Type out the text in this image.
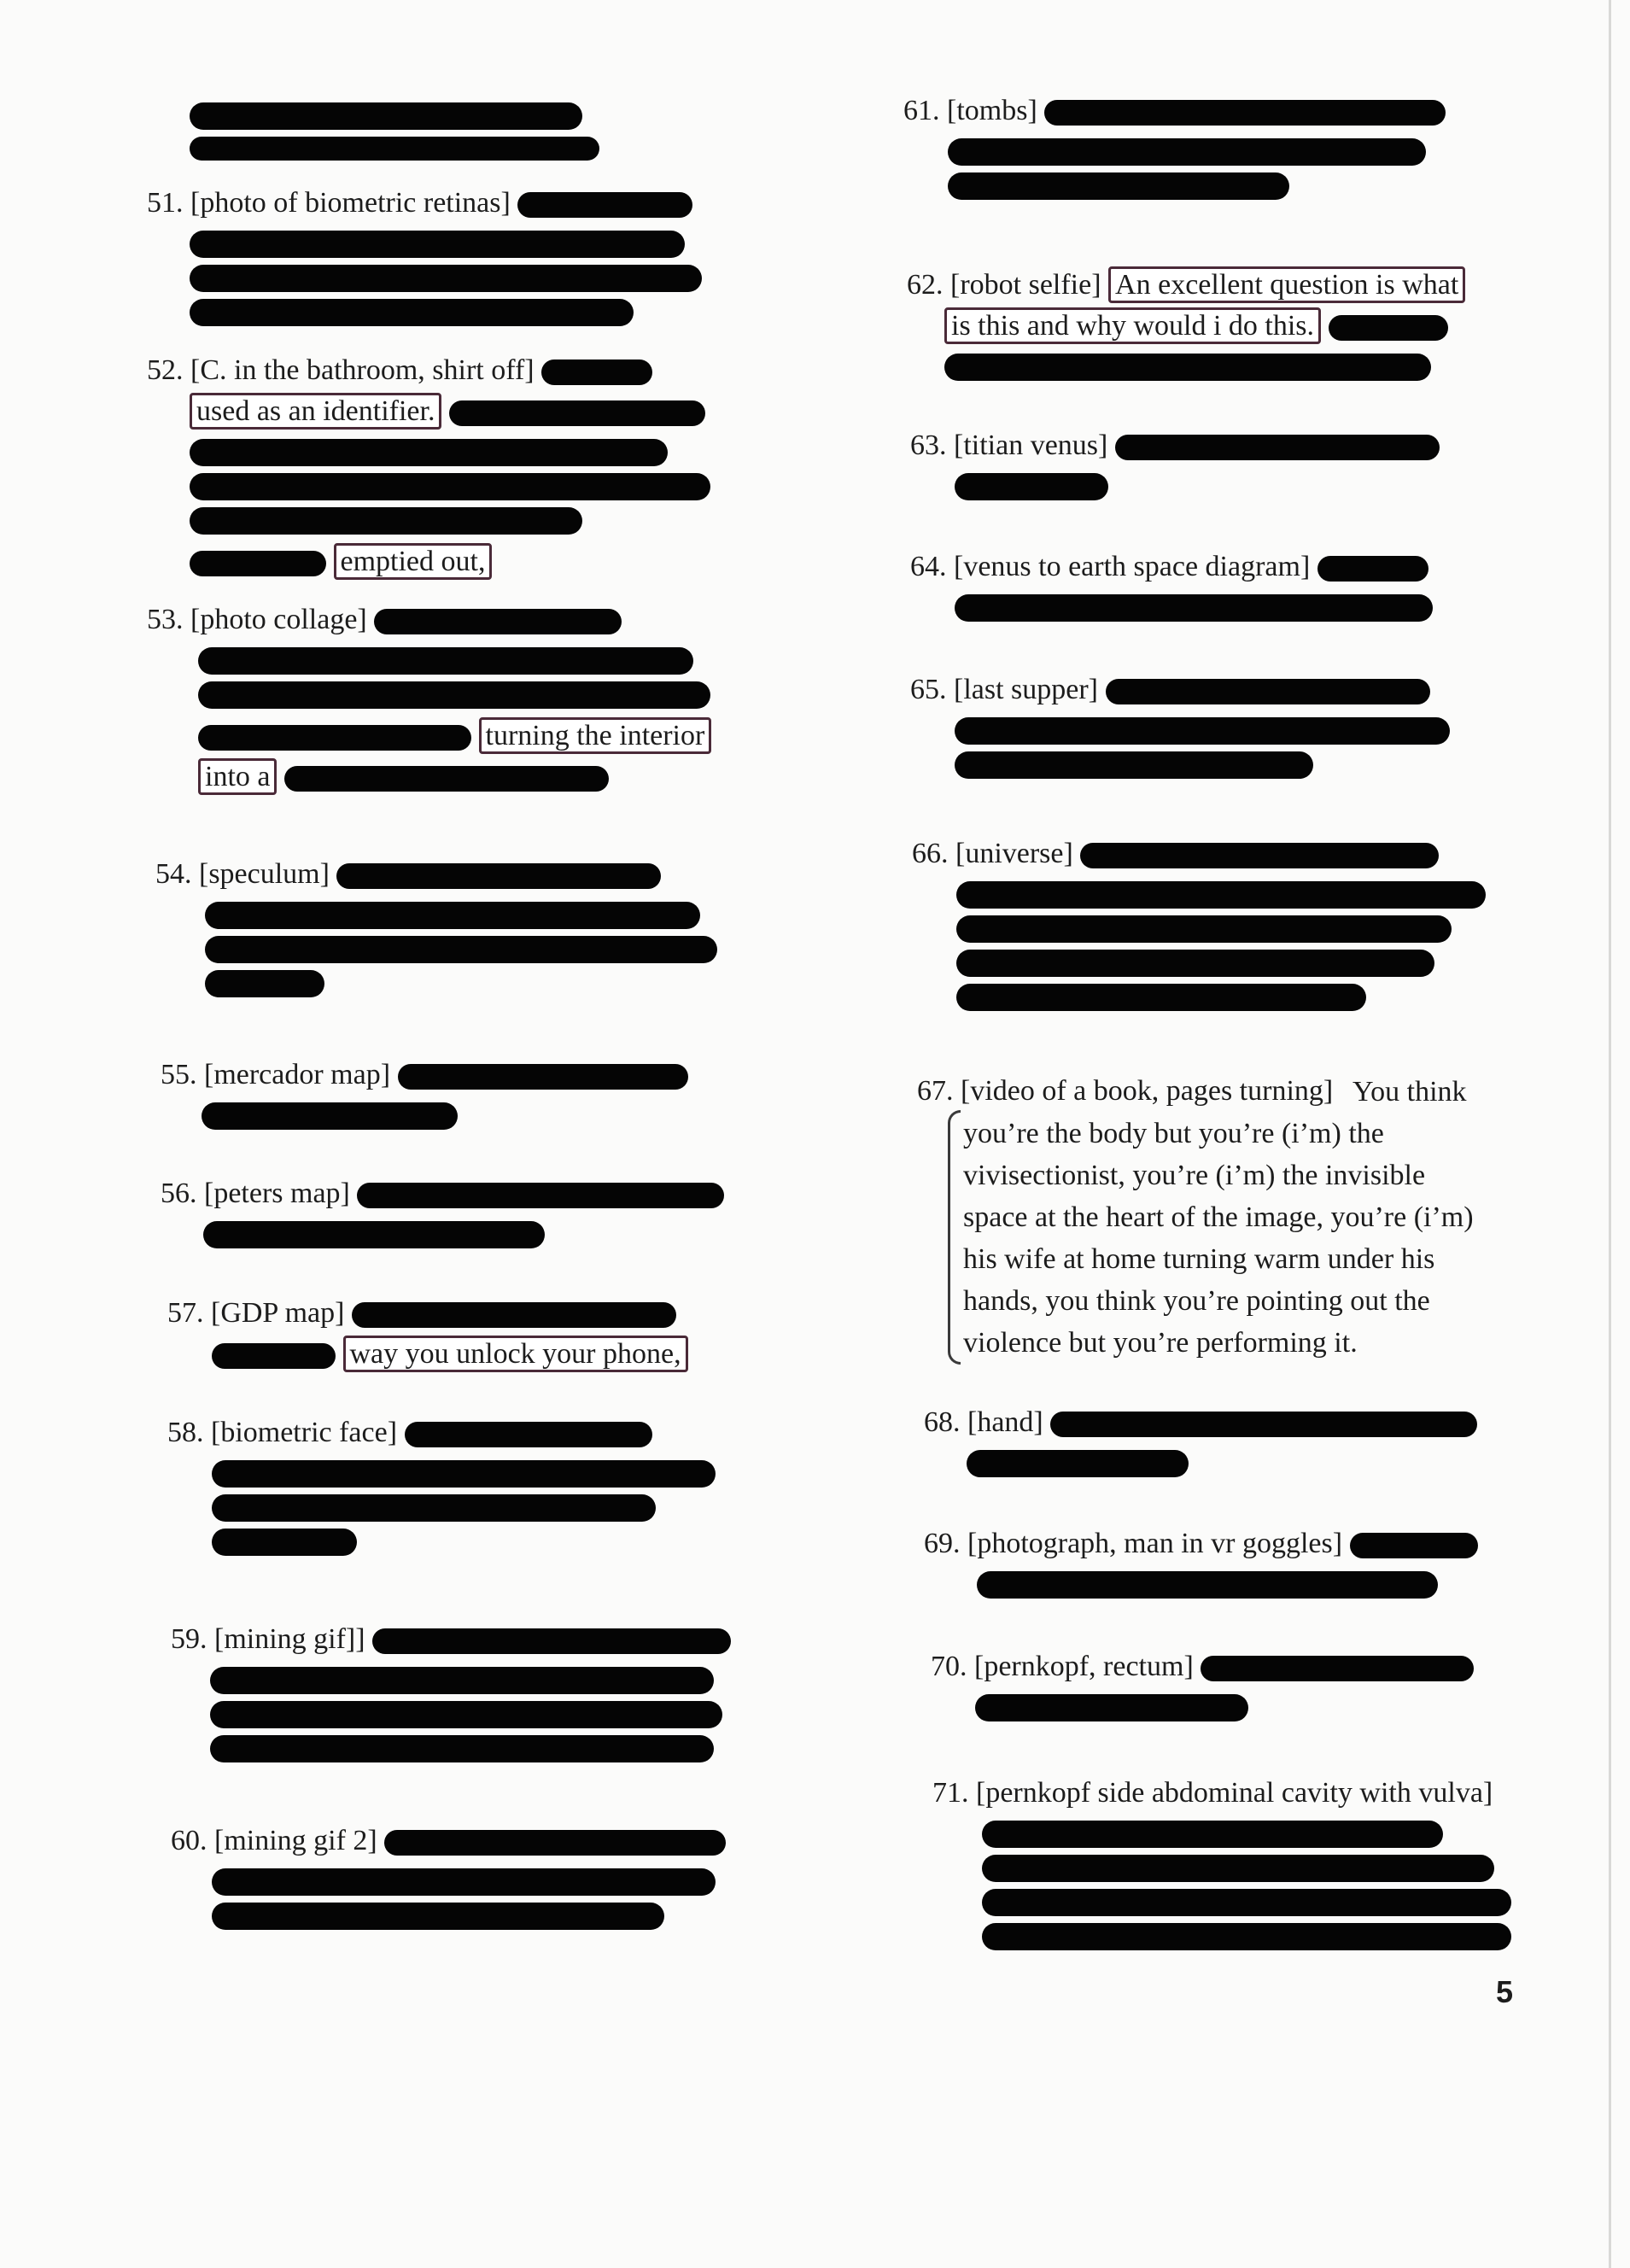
51. [photo of biometric retinas]
52. [C. in the bathroom, shirt off]
used as an identifier.
emptied out,
53. [photo collage]
turning the interior
into a
54. [speculum]
55. [mercador map]
56. [peters map]
57. [GDP map]
way you unlock your phone,
58. [biometric face]
59. [mining gif]]
60. [mining gif 2]
61. [tombs]
62. [robot selfie] An excellent question is what
is this and why would i do this.
63. [titian venus]
64. [venus to earth space diagram]
65. [last supper]
66. [universe]
67. [video of a book, pages turning] You think you’re the body but you’re (i’m) the vivisectionist, you’re (i’m) the invisible space at the heart of the image, you’re (i’m) his wife at home turning warm under his hands, you think you’re pointing out the violence but you’re performing it.
68. [hand]
69. [photograph, man in vr goggles]
70. [pernkopf, rectum]
71. [pernkopf side abdominal cavity with vulva]
5
